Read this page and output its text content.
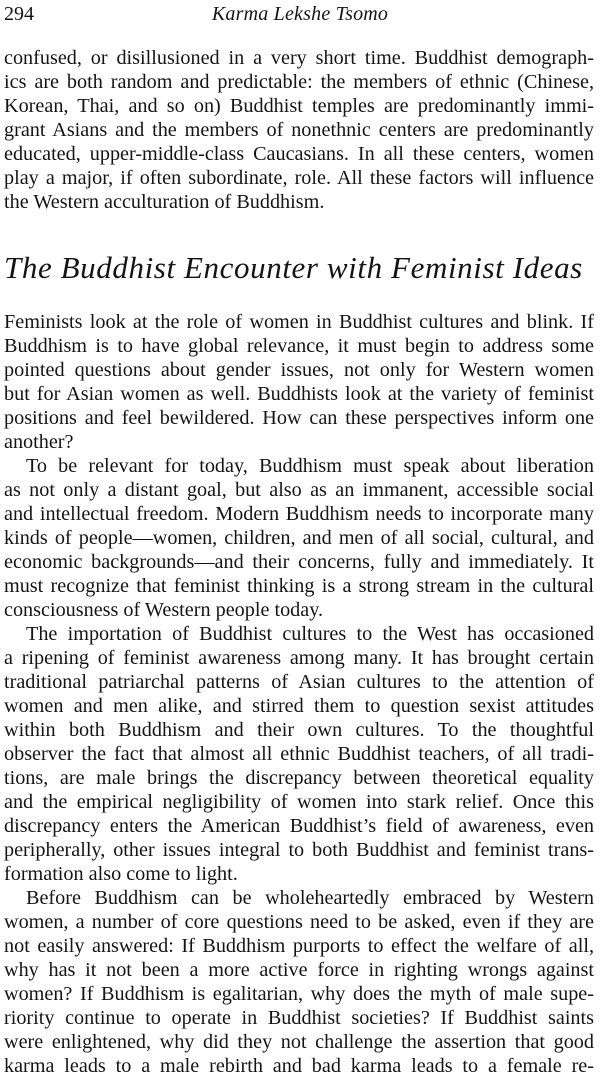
294	Karma Lekshe Tsomo

confused, or disillusioned in a very short time. Buddhist demograph-
ics are both random and predictable: the members of ethnic (Chinese,
Korean, Thai, and so on) Buddhist temples are predominantly immi-
grant Asians and the members of nonethnic centers are predominantly
educated, upper-middle-class Caucasians. In all these centers, women
play a major, if often subordinate, role. All these factors will influence
the Western acculturation of Buddhism.

The Buddhist Encounter with Feminist Ideas

Feminists look at the role of women in Buddhist cultures and blink. If
Buddhism is to have global relevance, it must begin to address some
pointed questions about gender issues, not only for Western women
but for Asian women as well. Buddhists look at the variety of feminist
positions and feel bewildered. How can these perspectives inform one
another?

To be relevant for today, Buddhism must speak about liberation
as not only a distant goal, but also as an immanent, accessible social
and intellectual freedom. Modern Buddhism needs to incorporate many
kinds of people—women, children, and men of all social, cultural, and
economic backgrounds—and their concerns, fully and immediately. It
must recognize that feminist thinking is a strong stream in the cultural
consciousness of Western people today.

The importation of Buddhist cultures to the West has occasioned
a ripening of feminist awareness among many. It has brought certain
traditional patriarchal patterns of Asian cultures to the attention of
women and men alike, and stirred them to question sexist attitudes
within both Buddhism and their own cultures. To the thoughtful
observer the fact that almost all ethnic Buddhist teachers, of all tradi-
tions, are male brings the discrepancy between theoretical equality
and the empirical negligibility of women into stark relief. Once this
discrepancy enters the American Buddhist’s field of awareness, even
peripherally, other issues integral to both Buddhist and feminist trans-
formation also come to light.

Before Buddhism can be wholeheartedly embraced by Western
women, a number of core questions need to be asked, even if they are
not easily answered: If Buddhism purports to effect the welfare of all,
why has it not been a more active force in righting wrongs against
women? If Buddhism is egalitarian, why does the myth of male supe-
riority continue to operate in Buddhist societies? If Buddhist saints
were enlightened, why did they not challenge the assertion that good
karma leads to a male rebirth and bad karma leads to a female re-
